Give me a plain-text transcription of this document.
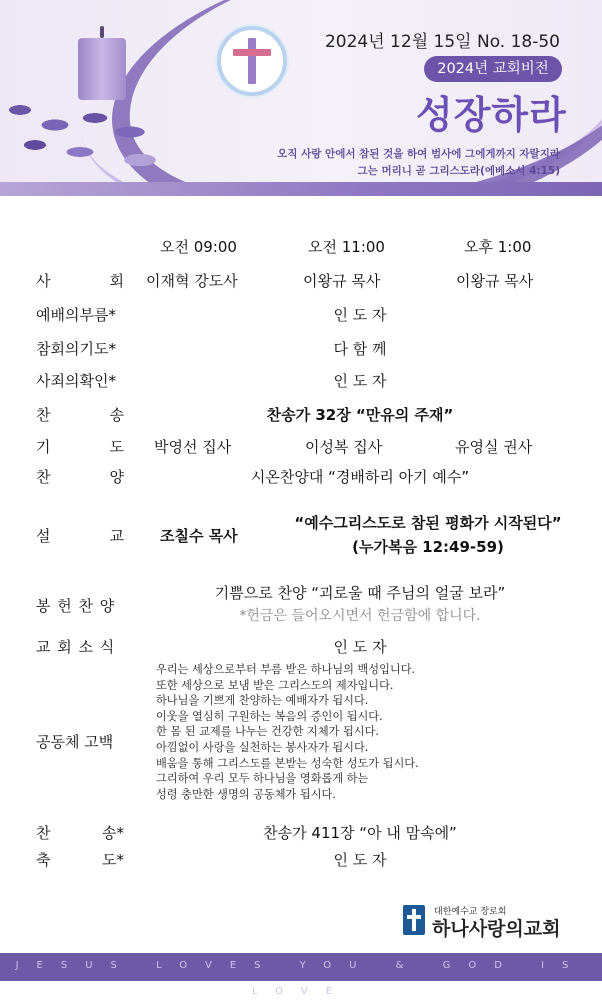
2024년 12월 15일 No. 18-50
2024년 교회비전
성장하라
오직 사랑 안에서 참된 것을 하여 범사에 그에게까지 자랄지라
그는 머리니 곧 그리스도라(에베소서 4:15)
오전 09:00	오전 11:00	오후 1:00
사	회 이재혁 강도사	이왕규 목사	이왕규 목사
예배의부름*	인 도 자
참회의기도*	다 함 께
사죄의확인*	인 도 자
찬	송	찬송가 32장 “만유의 주재”
기	도 박영선 집사	이성복 집사	유영실 권사
찬	양	시온찬양대 “경배하리 아기 예수”
설	교 조칠수 목사
“예수그리스도로 참된 평화가 시작된다”
(누가복음 12:49-59)
봉 헌 찬 양
기쁨으로 찬양 “괴로울 때 주님의 얼굴 보라”
*헌금은 들어오시면서 헌금함에 합니다.
교 회 소 식	인 도 자
공동체 고백
우리는 세상으로부터 부름 받은 하나님의 백성입니다.
또한 세상으로 보냄 받은 그리스도의 제자입니다.
하나님을 기쁘게 찬양하는 예배자가 됩시다.
이웃을 열심히 구원하는 복음의 증인이 됩시다.
한 몸 된 교제를 나누는 건강한 지체가 됩시다.
아낌없이 사랑을 실천하는 봉사자가 됩시다.
배움을 통해 그리스도를 본받는 성숙한 성도가 됩시다.
그리하여 우리 모두 하나님을 영화롭게 하는
성령 충만한 생명의 공동체가 됩시다.
찬	송*	찬송가 411장 “아 내 맘속에”
축	도*	인 도 자
대한예수교 장로회
하나사랑의교회
JESUS LOVES YOU & GOD IS LOVE
